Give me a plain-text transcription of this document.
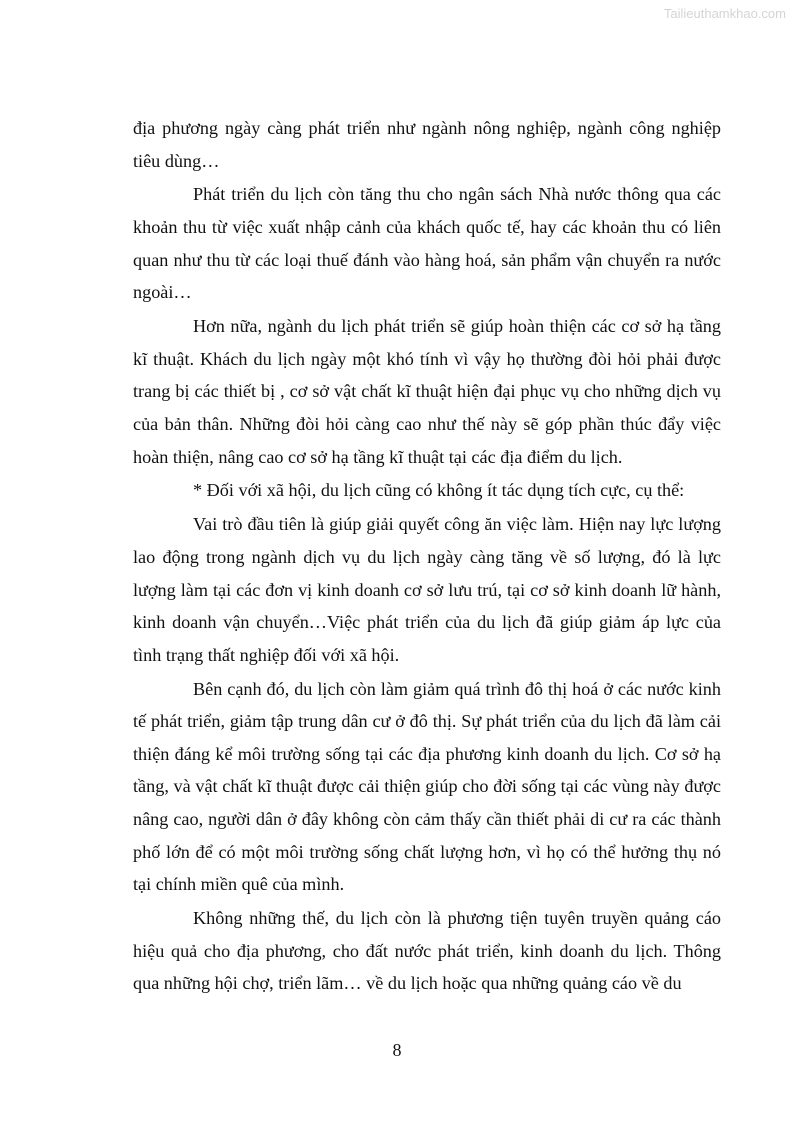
Tailieuthamkhao.com

địa phương ngày càng phát triển như ngành nông nghiệp, ngành công nghiệp tiêu dùng…

Phát triển du lịch còn tăng thu cho ngân sách Nhà nước thông qua các khoản thu từ việc xuất nhập cảnh của khách quốc tế, hay các khoản thu có liên quan như thu từ các loại thuế đánh vào hàng hoá, sản phẩm vận chuyển ra nước ngoài…

Hơn nữa, ngành du lịch phát triển sẽ giúp hoàn thiện các cơ sở hạ tầng kĩ thuật. Khách du lịch ngày một khó tính vì vậy họ thường đòi hỏi phải được trang bị các thiết bị , cơ sở vật chất kĩ thuật hiện đại phục vụ cho những dịch vụ của bản thân. Những đòi hỏi càng cao như thế này sẽ góp phần thúc đẩy việc hoàn thiện, nâng cao cơ sở hạ tầng kĩ thuật tại các địa điểm du lịch.

* Đối với xã hội, du lịch cũng có không ít tác dụng tích cực, cụ thể:

Vai trò đầu tiên là giúp giải quyết công ăn việc làm. Hiện nay lực lượng lao động trong ngành dịch vụ du lịch ngày càng tăng về số lượng, đó là lực lượng làm tại các đơn vị kinh doanh cơ sở lưu trú, tại cơ sở kinh doanh lữ hành, kinh doanh vận chuyển…Việc phát triển của du lịch đã giúp giảm áp lực của tình trạng thất nghiệp đối với xã hội.

Bên cạnh đó, du lịch còn làm giảm quá trình đô thị hoá ở các nước kinh tế phát triển, giảm tập trung dân cư ở đô thị. Sự phát triển của du lịch đã làm cải thiện đáng kể môi trường sống tại các địa phương kinh doanh du lịch. Cơ sở hạ tầng, và vật chất kĩ thuật được cải thiện giúp cho đời sống tại các vùng này được nâng cao, người dân ở đây không còn cảm thấy cần thiết phải di cư ra các thành phố lớn để có một môi trường sống chất lượng hơn, vì họ có thể hưởng thụ nó tại chính miền quê của mình.

Không những thế, du lịch còn là phương tiện tuyên truyền quảng cáo hiệu quả cho địa phương, cho đất nước phát triển, kinh doanh du lịch. Thông qua những hội chợ, triển lãm… về du lịch hoặc qua những quảng cáo về du

8
